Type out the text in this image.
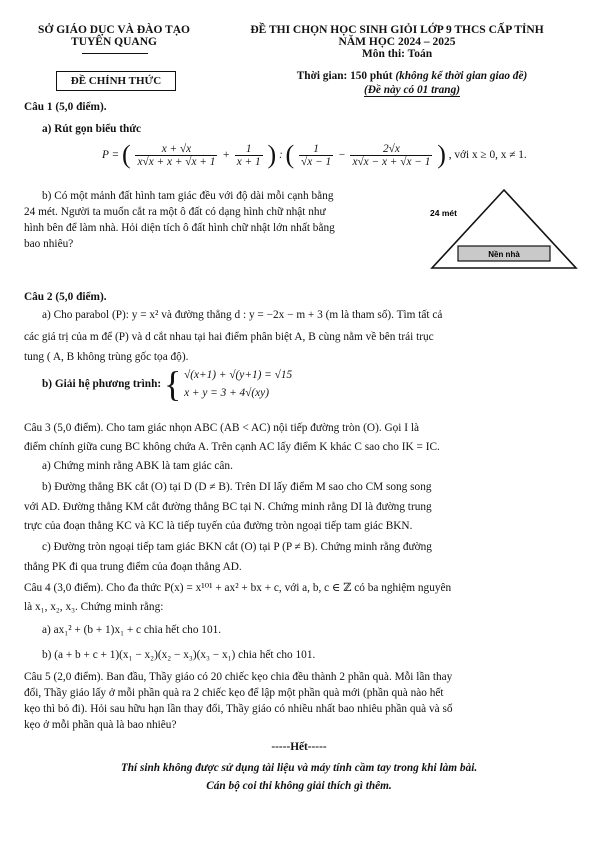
SỞ GIÁO DỤC VÀ ĐÀO TẠO
TUYÊN QUANG
ĐỀ THI CHỌN HỌC SINH GIỎI LỚP 9 THCS CẤP TỈNH
NĂM HỌC 2024 – 2025
Môn thi: Toán
ĐỀ CHÍNH THỨC	Thời gian: 150 phút (không kể thời gian giao đề)
(Đề này có 01 trang)
Câu 1 (5,0 điểm).
a) Rút gọn biểu thức
P = ( $\frac{x + √x}{x√x + x + √x + 1} + \frac{1}{x + 1}$ ) : ( $\frac{1}{√x - 1} - \frac{2√x}{x√x - x + √x - 1}$ ) , với x ≥ 0, x ≠ 1.
b) Có một mảnh đất hình tam giác đều với độ dài mỗi cạnh bằng
24 mét. Người ta muốn cắt ra một ô đất có dạng hình chữ nhật như
hình bên để làm nhà. Hỏi diện tích ô đất hình chữ nhật lớn nhất bằng
bao nhiêu?
24 mét
Nền nhà
Câu 2 (5,0 điểm).
a) Cho parabol (P): y = x² và đường thẳng d : y = −2x − m + 3 (m là tham số). Tìm tất cả
các giá trị của m để (P) và d cắt nhau tại hai điểm phân biệt A, B cùng nằm về bên trái trục
tung ( A, B không trùng gốc tọa độ).
b) Giải hệ phương trình: { √(x+1) + √(y+1) = √15
x + y = 3 + 4√(xy)
Câu 3 (5,0 điểm). Cho tam giác nhọn ABC (AB < AC) nội tiếp đường tròn (O). Gọi I là
điểm chính giữa cung BC không chứa A. Trên cạnh AC lấy điểm K khác C sao cho IK = IC.
a) Chứng minh rằng ABK là tam giác cân.
b) Đường thẳng BK cắt (O) tại D (D ≠ B). Trên DI lấy điểm M sao cho CM song song
với AD. Đường thẳng KM cắt đường thẳng BC tại N. Chứng minh rằng DI là đường trung
trực của đoạn thẳng KC và KC là tiếp tuyến của đường tròn ngoại tiếp tam giác BKN.
c) Đường tròn ngoại tiếp tam giác BKN cắt (O) tại P (P ≠ B). Chứng minh rằng đường
thẳng PK đi qua trung điểm của đoạn thẳng AD.
Câu 4 (3,0 điểm). Cho đa thức P(x) = x¹⁰¹ + ax² + bx + c, với a, b, c ∈ ℤ có ba nghiệm nguyên
là x₁, x₂, x₃. Chứng minh rằng:
a) ax₁² + (b + 1)x₁ + c chia hết cho 101.
b) (a + b + c + 1)(x₁ − x₂)(x₂ − x₃)(x₃ − x₁) chia hết cho 101.
Câu 5 (2,0 điểm). Ban đầu, Thầy giáo có 20 chiếc kẹo chia đều thành 2 phần quà. Mỗi lần thay
đổi, Thầy giáo lấy ở mỗi phần quà ra 2 chiếc kẹo để lập một phần quà mới (phần quà nào hết
kẹo thì bỏ đi). Hỏi sau hữu hạn lần thay đổi, Thầy giáo có nhiều nhất bao nhiêu phần quà và số
kẹo ở mỗi phần quà là bao nhiêu?
-----Hết-----
Thí sinh không được sử dụng tài liệu và máy tính cầm tay trong khi làm bài.
Cán bộ coi thi không giải thích gì thêm.
